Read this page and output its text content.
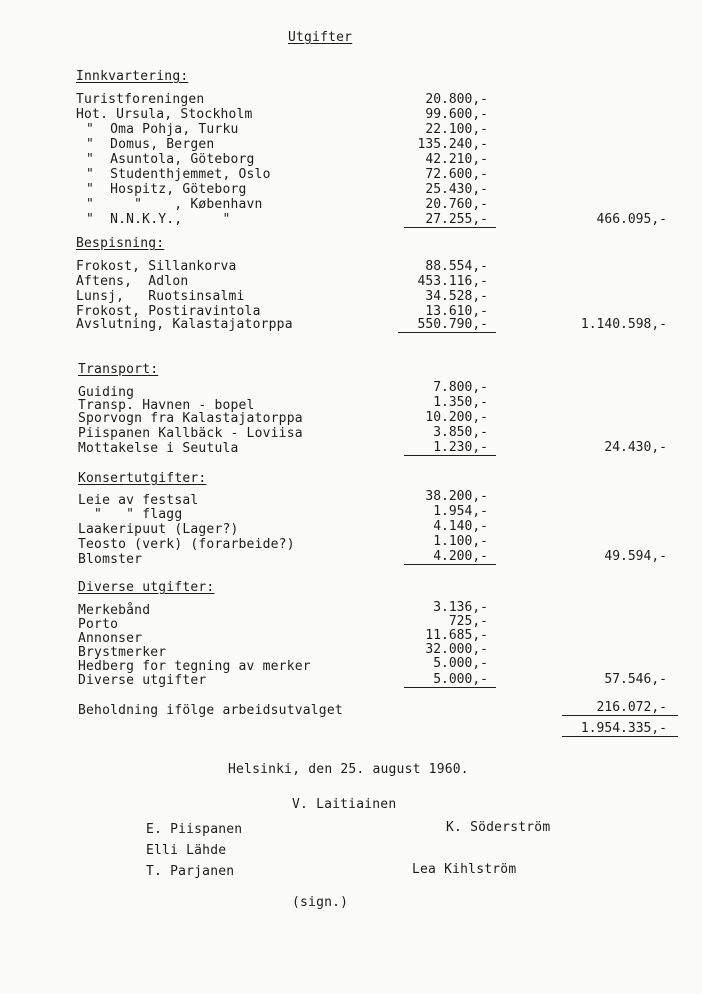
Utgifter
Innkvartering:
Turistforeningen	20.800,-
Hot. Ursula, Stockholm	99.600,-
"  Oma Pohja, Turku	22.100,-
"  Domus, Bergen	135.240,-
"  Asuntola, Göteborg	42.210,-
"  Studenthjemmet, Oslo	72.600,-
"  Hospitz, Göteborg	25.430,-
"     "    , København	20.760,-
"  N.N.K.Y.,     "	27.255,-	466.095,-
Bespisning:
Frokost, Sillankorva	88.554,-
Aftens,  Adlon	453.116,-
Lunsj,   Ruotsinsalmi	34.528,-
Frokost, Postiravintola	13.610,-
Avslutning, Kalastajatorppa	550.790,-	1.140.598,-
Transport:
Guiding	7.800,-
Transp. Havnen - bopel	1.350,-
Sporvogn fra Kalastajatorppa	10.200,-
Piispanen Kallbäck - Loviisa	3.850,-
Mottakelse i Seutula	1.230,-	24.430,-
Konsertutgifter:
Leie av festsal	38.200,-
"   " flagg	1.954,-
Laakeripuut (Lager?)	4.140,-
Teosto (verk) (forarbeide?)	1.100,-
Blomster	4.200,-	49.594,-
Diverse utgifter:
Merkebånd	3.136,-
Porto	725,-
Annonser	11.685,-
Brystmerker	32.000,-
Hedberg for tegning av merker	5.000,-
Diverse utgifter	5.000,-	57.546,-
Beholdning ifölge arbeidsutvalget	216.072,-
1.954.335,-
Helsinki, den 25. august 1960.
V. Laitiainen
E. Piispanen	K. Söderström
Elli Lähde
T. Parjanen	Lea Kihlström
(sign.)
